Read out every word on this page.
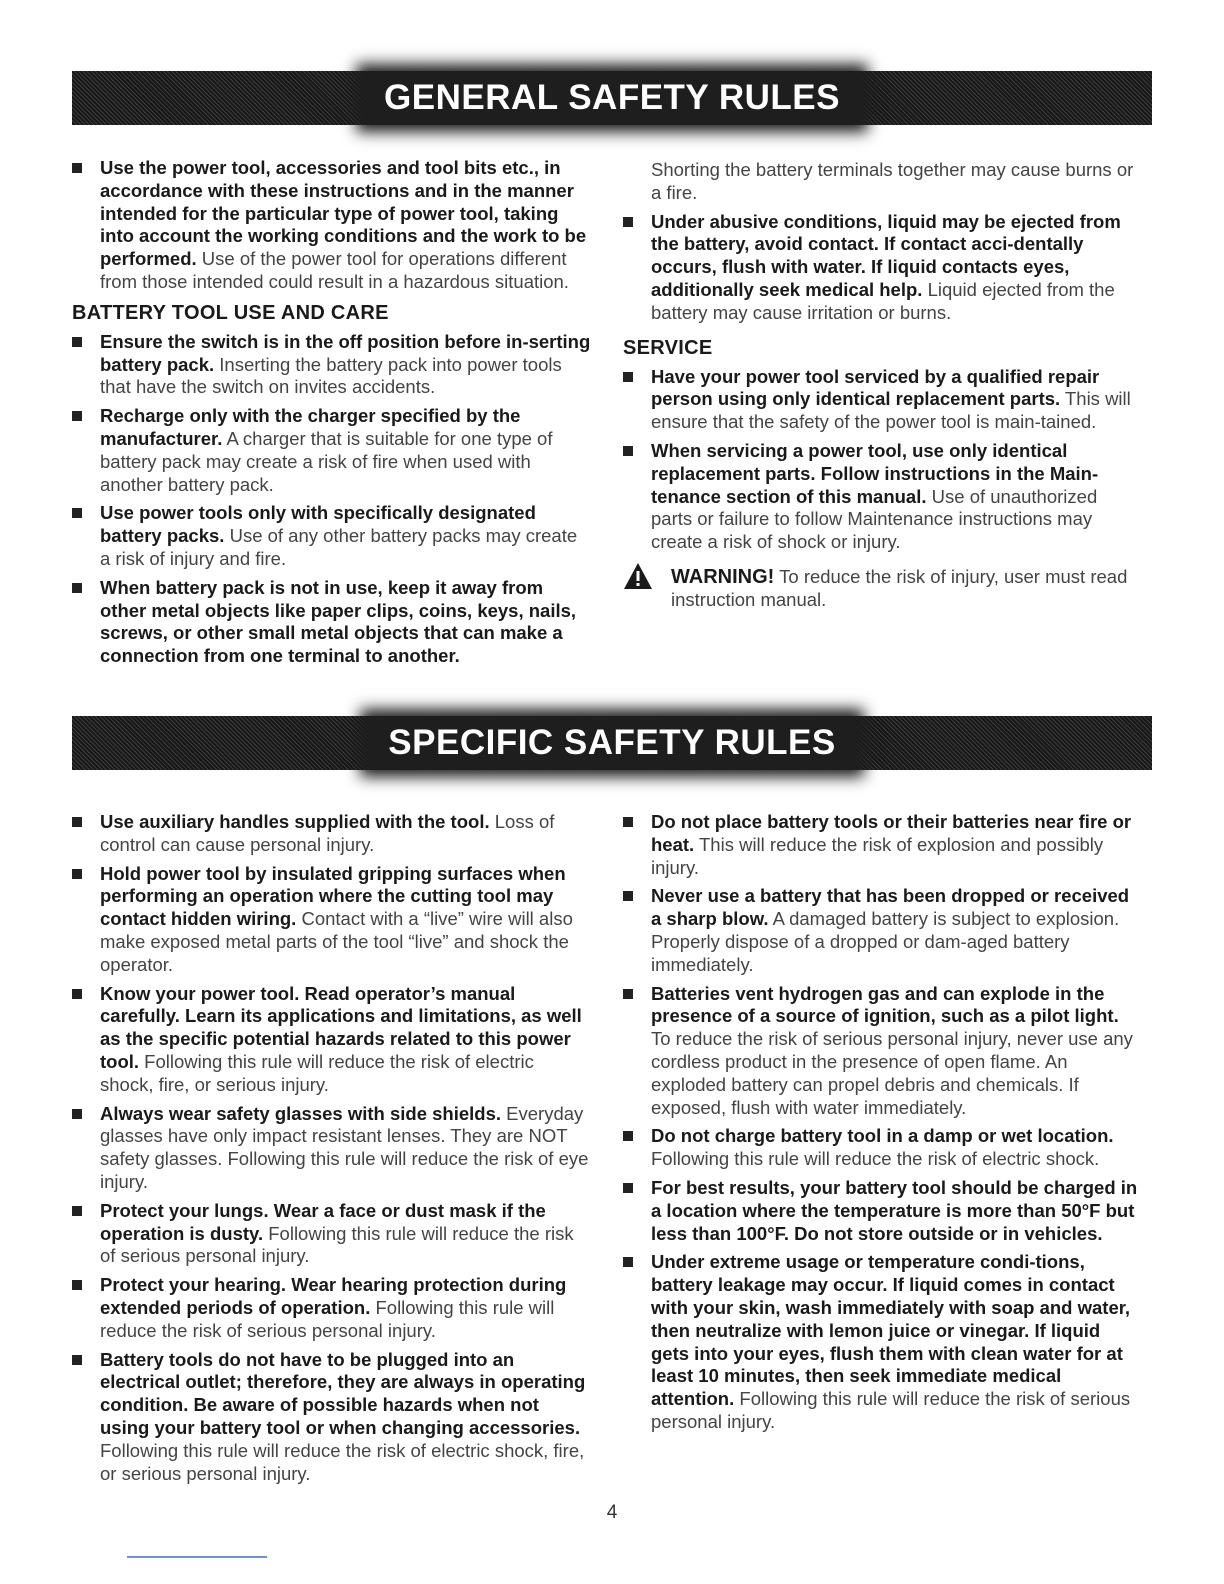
GENERAL SAFETY RULES
Use the power tool, accessories and tool bits etc., in accordance with these instructions and in the manner intended for the particular type of power tool, taking into account the working conditions and the work to be performed. Use of the power tool for operations different from those intended could result in a hazardous situation.
BATTERY TOOL USE AND CARE
Ensure the switch is in the off position before in-serting battery pack. Inserting the battery pack into power tools that have the switch on invites accidents.
Recharge only with the charger specified by the manufacturer. A charger that is suitable for one type of battery pack may create a risk of fire when used with another battery pack.
Use power tools only with specifically designated battery packs. Use of any other battery packs may create a risk of injury and fire.
When battery pack is not in use, keep it away from other metal objects like paper clips, coins, keys, nails, screws, or other small metal objects that can make a connection from one terminal to another.
Shorting the battery terminals together may cause burns or a fire.
Under abusive conditions, liquid may be ejected from the battery, avoid contact. If contact acci-dentally occurs, flush with water. If liquid contacts eyes, additionally seek medical help. Liquid ejected from the battery may cause irritation or burns.
SERVICE
Have your power tool serviced by a qualified repair person using only identical replacement parts. This will ensure that the safety of the power tool is main-tained.
When servicing a power tool, use only identical replacement parts. Follow instructions in the Main-tenance section of this manual. Use of unauthorized parts or failure to follow Maintenance instructions may create a risk of shock or injury.
WARNING! To reduce the risk of injury, user must read instruction manual.
SPECIFIC SAFETY RULES
Use auxiliary handles supplied with the tool. Loss of control can cause personal injury.
Hold power tool by insulated gripping surfaces when performing an operation where the cutting tool may contact hidden wiring. Contact with a “live” wire will also make exposed metal parts of the tool “live” and shock the operator.
Know your power tool. Read operator’s manual carefully. Learn its applications and limitations, as well as the specific potential hazards related to this power tool. Following this rule will reduce the risk of electric shock, fire, or serious injury.
Always wear safety glasses with side shields. Everyday glasses have only impact resistant lenses. They are NOT safety glasses. Following this rule will reduce the risk of eye injury.
Protect your lungs. Wear a face or dust mask if the operation is dusty. Following this rule will reduce the risk of serious personal injury.
Protect your hearing. Wear hearing protection during extended periods of operation. Following this rule will reduce the risk of serious personal injury.
Battery tools do not have to be plugged into an electrical outlet; therefore, they are always in operating condition. Be aware of possible hazards when not using your battery tool or when changing accessories. Following this rule will reduce the risk of electric shock, fire, or serious personal injury.
Do not place battery tools or their batteries near fire or heat. This will reduce the risk of explosion and possibly injury.
Never use a battery that has been dropped or received a sharp blow. A damaged battery is subject to explosion. Properly dispose of a dropped or dam-aged battery immediately.
Batteries vent hydrogen gas and can explode in the presence of a source of ignition, such as a pilot light. To reduce the risk of serious personal injury, never use any cordless product in the presence of open flame. An exploded battery can propel debris and chemicals. If exposed, flush with water immediately.
Do not charge battery tool in a damp or wet location. Following this rule will reduce the risk of electric shock.
For best results, your battery tool should be charged in a location where the temperature is more than 50°F but less than 100°F. Do not store outside or in vehicles.
Under extreme usage or temperature condi-tions, battery leakage may occur. If liquid comes in contact with your skin, wash immediately with soap and water, then neutralize with lemon juice or vinegar. If liquid gets into your eyes, flush them with clean water for at least 10 minutes, then seek immediate medical attention. Following this rule will reduce the risk of serious personal injury.
4
